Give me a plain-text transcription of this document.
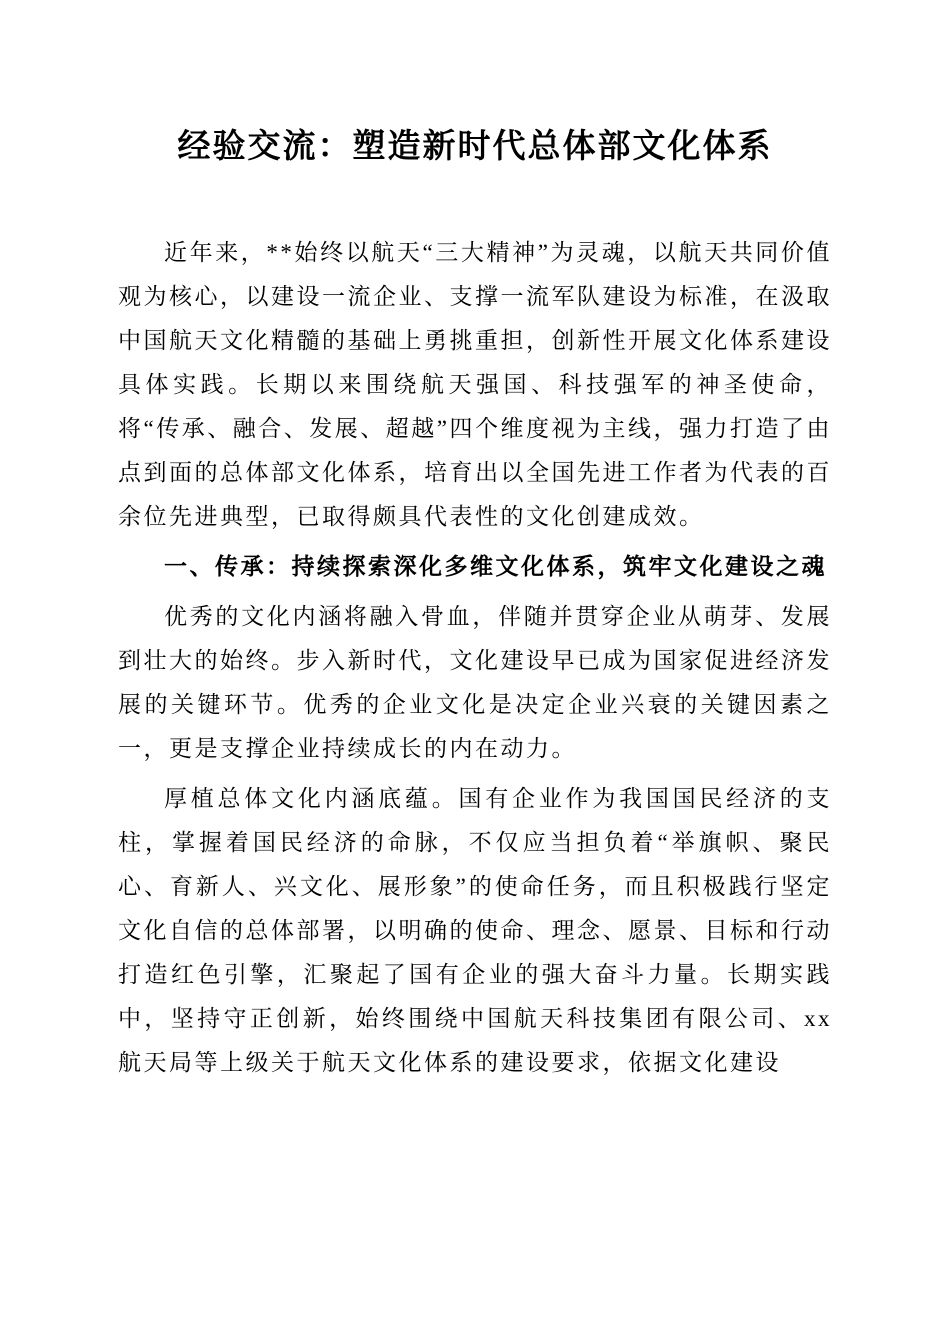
经验交流：塑造新时代总体部文化体系

近年来，**始终以航天“三大精神”为灵魂，以航天共同价值观为核心，以建设一流企业、支撑一流军队建设为标准，在汲取中国航天文化精髓的基础上勇挑重担，创新性开展文化体系建设具体实践。长期以来围绕航天强国、科技强军的神圣使命，将“传承、融合、发展、超越”四个维度视为主线，强力打造了由点到面的总体部文化体系，培育出以全国先进工作者为代表的百余位先进典型，已取得颇具代表性的文化创建成效。

一、传承：持续探索深化多维文化体系，筑牢文化建设之魂

优秀的文化内涵将融入骨血，伴随并贯穿企业从萌芽、发展到壮大的始终。步入新时代，文化建设早已成为国家促进经济发展的关键环节。优秀的企业文化是决定企业兴衰的关键因素之一，更是支撑企业持续成长的内在动力。

厚植总体文化内涵底蕴。国有企业作为我国国民经济的支柱，掌握着国民经济的命脉，不仅应当担负着“举旗帜、聚民心、育新人、兴文化、展形象”的使命任务，而且积极践行坚定文化自信的总体部署，以明确的使命、理念、愿景、目标和行动打造红色引擎，汇聚起了国有企业的强大奋斗力量。长期实践中，坚持守正创新，始终围绕中国航天科技集团有限公司、xx航天局等上级关于航天文化体系的建设要求，依据文化建设
